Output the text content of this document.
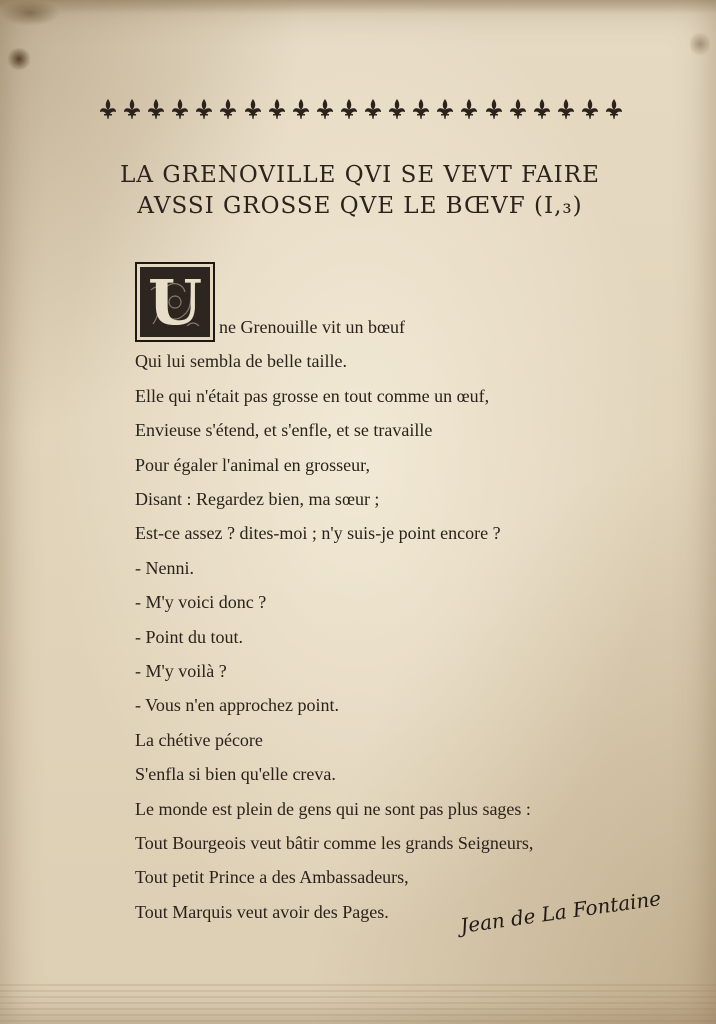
LA GRENOVILLE QVI SE VEVT FAIRE
AVSSI GROSSE QVE LE BŒVF (I,₃)
U ne Grenouille vit un bœuf
Qui lui sembla de belle taille.
Elle qui n'était pas grosse en tout comme un œuf,
Envieuse s'étend, et s'enfle, et se travaille
Pour égaler l'animal en grosseur,
Disant : Regardez bien, ma sœur ;
Est-ce assez ? dites-moi ; n'y suis-je point encore ?
- Nenni.
- M'y voici donc ?
- Point du tout.
- M'y voilà ?
- Vous n'en approchez point.
La chétive pécore
S'enfla si bien qu'elle creva.
Le monde est plein de gens qui ne sont pas plus sages :
Tout Bourgeois veut bâtir comme les grands Seigneurs,
Tout petit Prince a des Ambassadeurs,
Tout Marquis veut avoir des Pages.	Jean de La Fontaine
